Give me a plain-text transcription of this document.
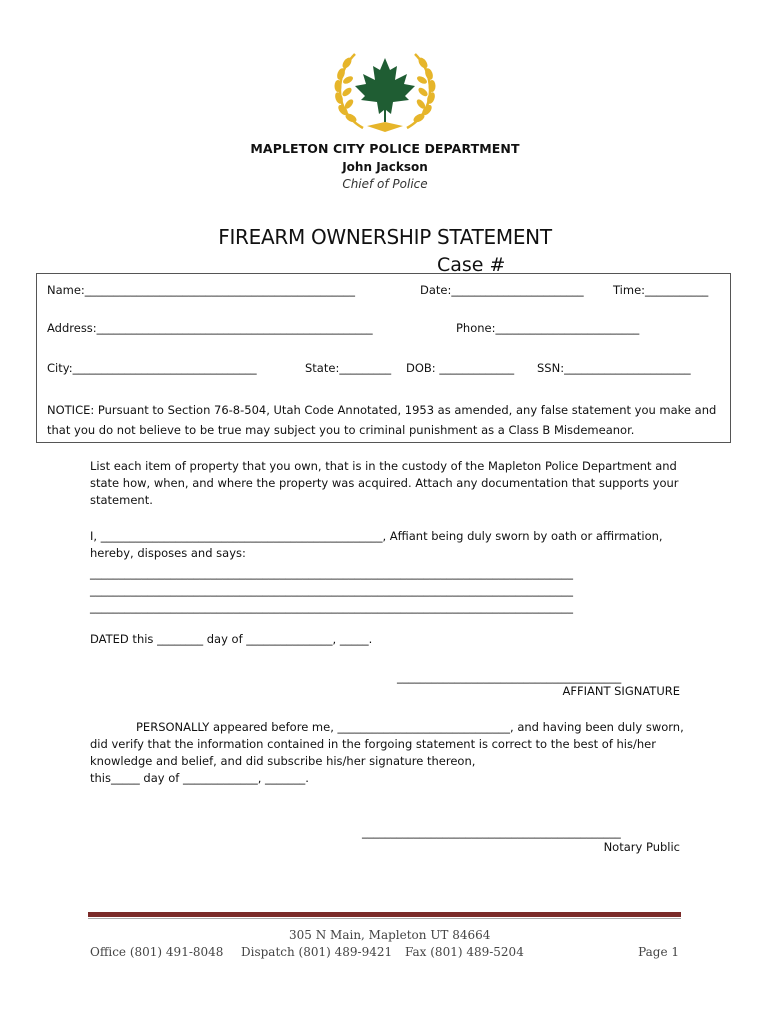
MAPLETON CITY POLICE DEPARTMENT
John Jackson
Chief of Police
FIREARM OWNERSHIP STATEMENT
Case #
Name:_______________________________________________	Date:_______________________	Time:___________
Address:________________________________________________	Phone:_________________________
City:________________________________	State:_________ DOB: _____________ SSN:______________________
NOTICE: Pursuant to Section 76-8-504, Utah Code Annotated, 1953 as amended, any false statement you make and that you do not believe to be true may subject you to criminal punishment as a Class B Misdemeanor.
List each item of property that you own, that is in the custody of the Mapleton Police Department and state how, when, and where the property was acquired. Attach any documentation that supports your statement.
I, _________________________________________________, Affiant being duly sworn by oath or affirmation, hereby, disposes and says:
____________________________________________________________________________________
____________________________________________________________________________________
____________________________________________________________________________________
DATED this ________ day of _______________, _____.
_______________________________________
AFFIANT SIGNATURE
PERSONALLY appeared before me, ______________________________, and having been duly sworn, did verify that the information contained in the forgoing statement is correct to the best of his/her knowledge and belief, and did subscribe his/her signature thereon,
this_____ day of _____________, _______.
_____________________________________________
Notary Public
305 N Main, Mapleton UT 84664
Office (801) 491-8048 Dispatch (801) 489-9421 Fax (801) 489-5204	Page 1
